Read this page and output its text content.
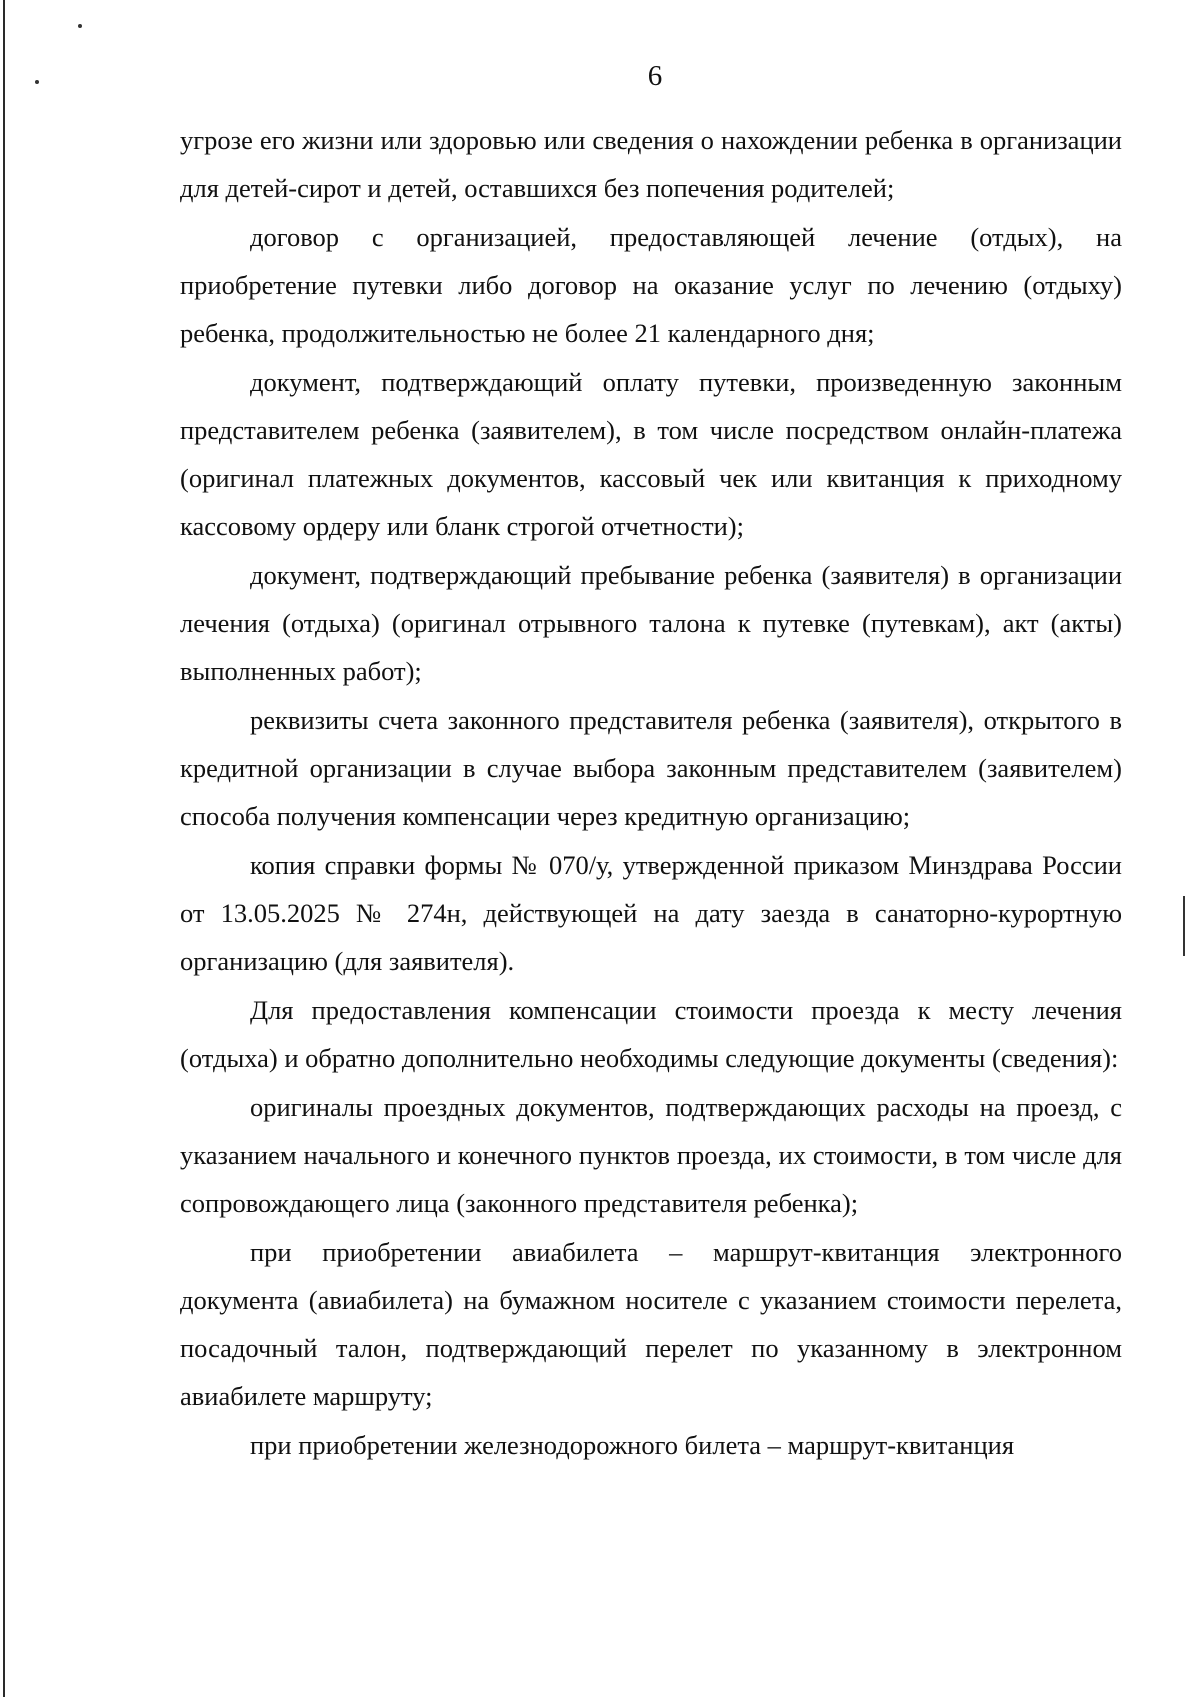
6

угрозе его жизни или здоровью или сведения о нахождении ребенка в организации для детей-сирот и детей, оставшихся без попечения родителей;

договор с организацией, предоставляющей лечение (отдых), на приобретение путевки либо договор на оказание услуг по лечению (отдыху) ребенка, продолжительностью не более 21 календарного дня;

документ, подтверждающий оплату путевки, произведенную законным представителем ребенка (заявителем), в том числе посредством онлайн-платежа (оригинал платежных документов, кассовый чек или квитанция к приходному кассовому ордеру или бланк строгой отчетности);

документ, подтверждающий пребывание ребенка (заявителя) в организации лечения (отдыха) (оригинал отрывного талона к путевке (путевкам), акт (акты) выполненных работ);

реквизиты счета законного представителя ребенка (заявителя), открытого в кредитной организации в случае выбора законным представителем (заявителем) способа получения компенсации через кредитную организацию;

копия справки формы № 070/у, утвержденной приказом Минздрава России от 13.05.2025 № 274н, действующей на дату заезда в санаторно-курортную организацию (для заявителя).

Для предоставления компенсации стоимости проезда к месту лечения (отдыха) и обратно дополнительно необходимы следующие документы (сведения):

оригиналы проездных документов, подтверждающих расходы на проезд, с указанием начального и конечного пунктов проезда, их стоимости, в том числе для сопровождающего лица (законного представителя ребенка);

при приобретении авиабилета – маршрут-квитанция электронного документа (авиабилета) на бумажном носителе с указанием стоимости перелета, посадочный талон, подтверждающий перелет по указанному в электронном авиабилете маршруту;

при приобретении железнодорожного билета – маршрут-квитанция
